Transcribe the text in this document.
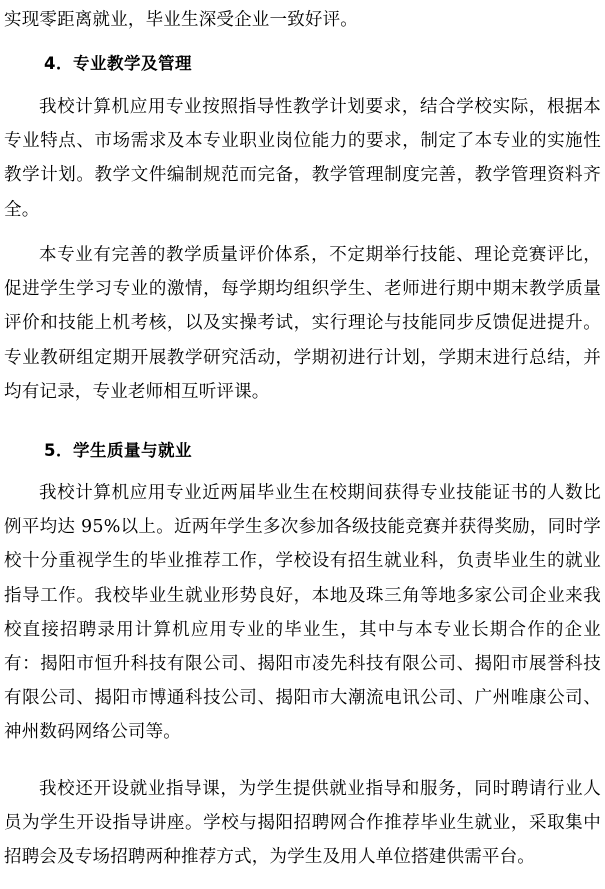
实现零距离就业，毕业生深受企业一致好评。

4．专业教学及管理

我校计算机应用专业按照指导性教学计划要求，结合学校实际，根据本专业特点、市场需求及本专业职业岗位能力的要求，制定了本专业的实施性教学计划。教学文件编制规范而完备，教学管理制度完善，教学管理资料齐全。

本专业有完善的教学质量评价体系，不定期举行技能、理论竞赛评比，促进学生学习专业的激情，每学期均组织学生、老师进行期中期末教学质量评价和技能上机考核，以及实操考试，实行理论与技能同步反馈促进提升。专业教研组定期开展教学研究活动，学期初进行计划，学期末进行总结，并均有记录，专业老师相互听评课。

5．学生质量与就业

我校计算机应用专业近两届毕业生在校期间获得专业技能证书的人数比例平均达 95%以上。近两年学生多次参加各级技能竞赛并获得奖励，同时学校十分重视学生的毕业推荐工作，学校设有招生就业科，负责毕业生的就业指导工作。我校毕业生就业形势良好，本地及珠三角等地多家公司企业来我校直接招聘录用计算机应用专业的毕业生，其中与本专业长期合作的企业有：揭阳市恒升科技有限公司、揭阳市凌先科技有限公司、揭阳市展誉科技有限公司、揭阳市博通科技公司、揭阳市大潮流电讯公司、广州唯康公司、神州数码网络公司等。

我校还开设就业指导课，为学生提供就业指导和服务，同时聘请行业人员为学生开设指导讲座。学校与揭阳招聘网合作推荐毕业生就业，采取集中招聘会及专场招聘两种推荐方式，为学生及用人单位搭建供需平台。
